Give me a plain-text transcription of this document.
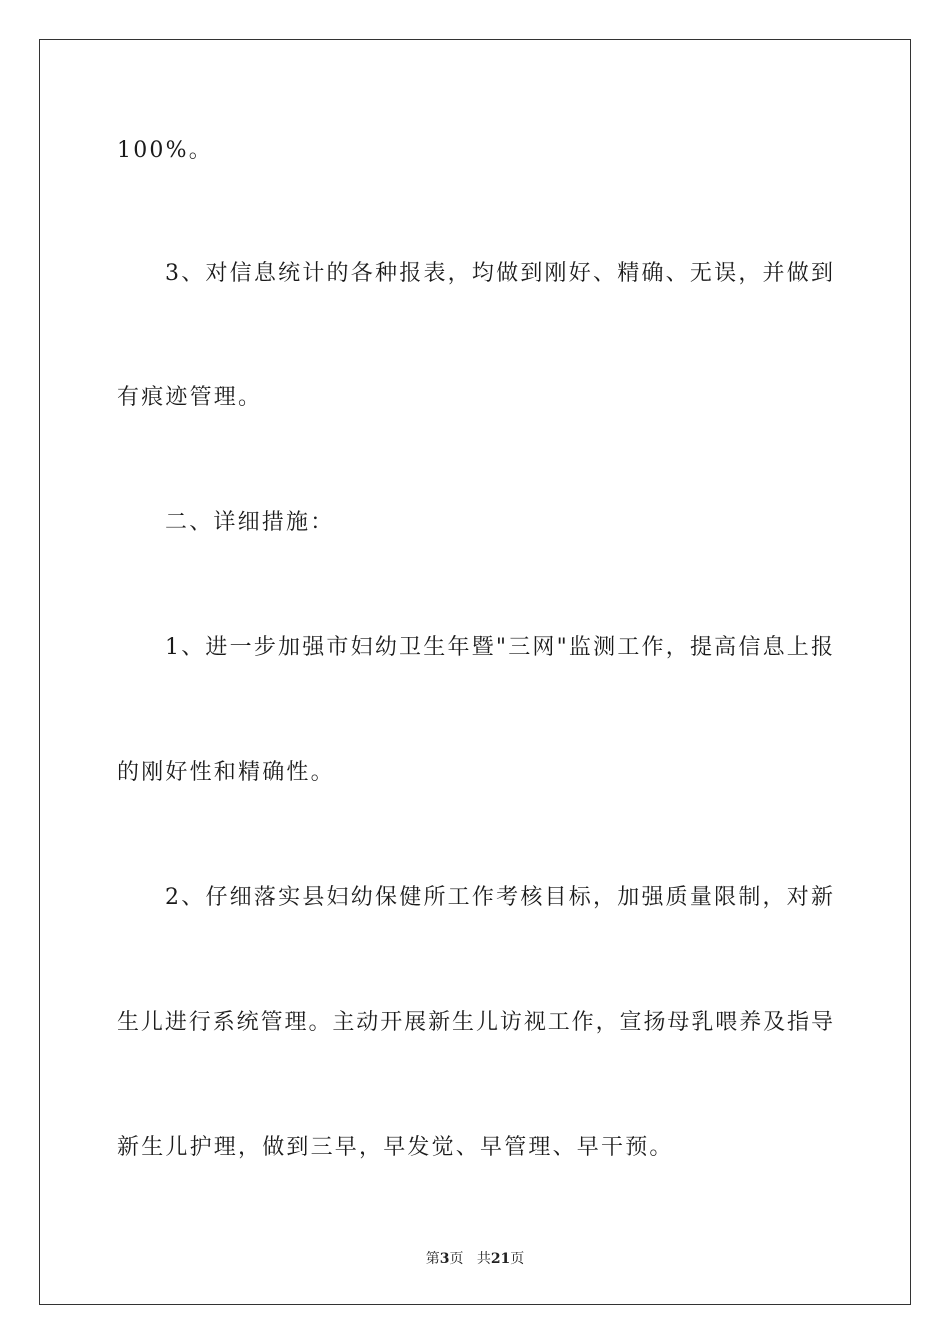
100%。
3、对信息统计的各种报表，均做到刚好、精确、无误，并做到
有痕迹管理。
二、详细措施：
1、进一步加强市妇幼卫生年暨"三网"监测工作，提高信息上报
的刚好性和精确性。
2、仔细落实县妇幼保健所工作考核目标，加强质量限制，对新
生儿进行系统管理。主动开展新生儿访视工作，宣扬母乳喂养及指导
新生儿护理，做到三早，早发觉、早管理、早干预。
第3页 共21页
